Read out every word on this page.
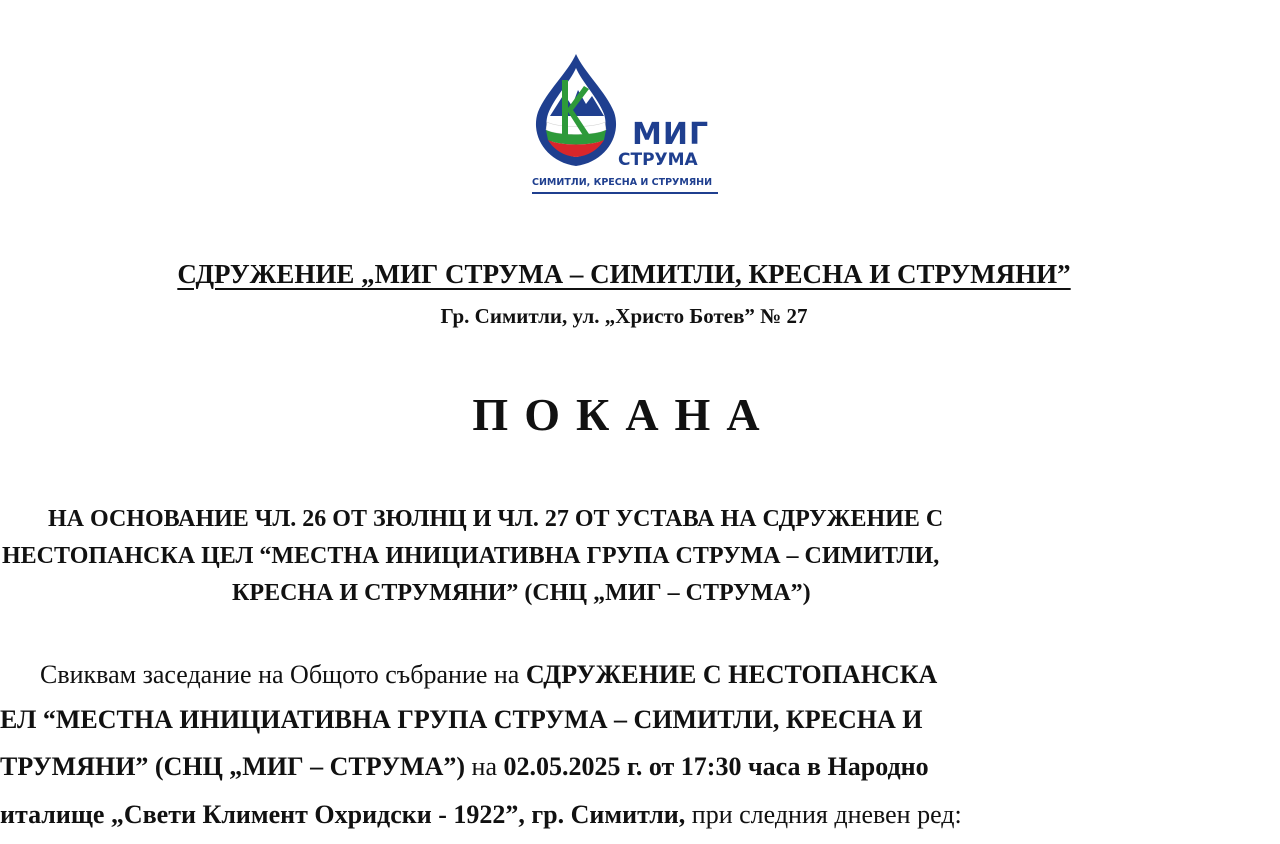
МИГ
СТРУМА
СИМИТЛИ, КРЕСНА И СТРУМЯНИ
СДРУЖЕНИЕ „МИГ СТРУМА – СИМИТЛИ, КРЕСНА И СТРУМЯНИ”
Гр. Симитли, ул. „Христо Ботев” № 27
ПОКАНА
НА ОСНОВАНИЕ ЧЛ. 26 ОТ ЗЮЛНЦ И ЧЛ. 27 ОТ УСТАВА НА СДРУЖЕНИЕ С
НЕСТОПАНСКА ЦЕЛ “МЕСТНА ИНИЦИАТИВНА ГРУПА СТРУМА – СИМИТЛИ,
КРЕСНА И СТРУМЯНИ” (СНЦ „МИГ – СТРУМА”)
Свиквам заседание на Общото събрание на СДРУЖЕНИЕ С НЕСТОПАНСКА
ЕЛ “МЕСТНА ИНИЦИАТИВНА ГРУПА СТРУМА – СИМИТЛИ, КРЕСНА И
ТРУМЯНИ” (СНЦ „МИГ – СТРУМА”) на 02.05.2025 г. от 17:30 часа в Народно
италище „Свети Климент Охридски - 1922”, гр. Симитли, при следния дневен ред:
